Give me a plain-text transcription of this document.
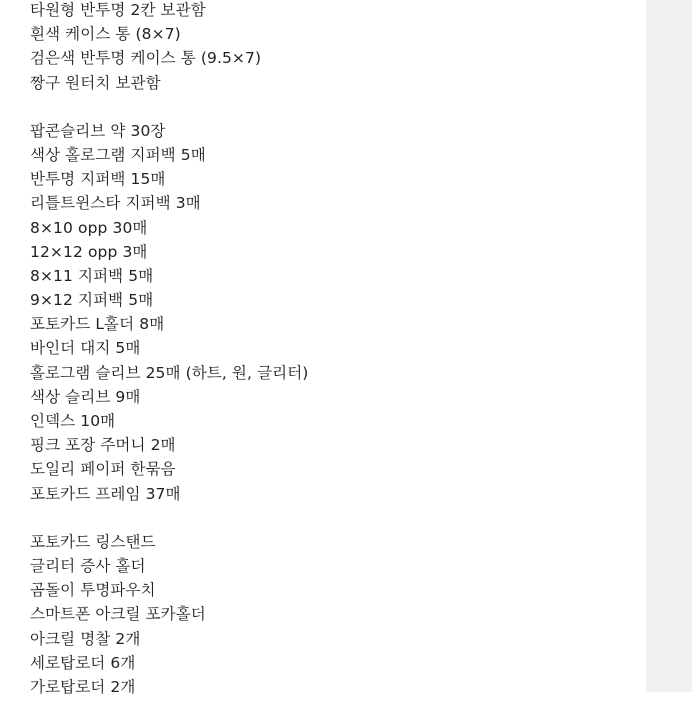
타원형 반투명 2칸 보관함
흰색 케이스 통 (8×7)
검은색 반투명 케이스 통 (9.5×7)
짱구 원터치 보관함
팝콘슬리브 약 30장
색상 홀로그램 지퍼백 5매
반투명 지퍼백 15매
리틀트윈스타 지퍼백 3매
8×10 opp 30매
12×12 opp 3매
8×11 지퍼백 5매
9×12 지퍼백 5매
포토카드 L홀더 8매
바인더 대지 5매
홀로그램 슬리브 25매 (하트, 원, 글리터)
색상 슬리브 9매
인덱스 10매
핑크 포장 주머니 2매
도일리 페이퍼 한묶음
포토카드 프레임 37매
포토카드 링스탠드
글리터 증사 홀더
곰돌이 투명파우치
스마트폰 아크릴 포카홀더
아크릴 명찰 2개
세로탑로더 6개
가로탑로더 2개
